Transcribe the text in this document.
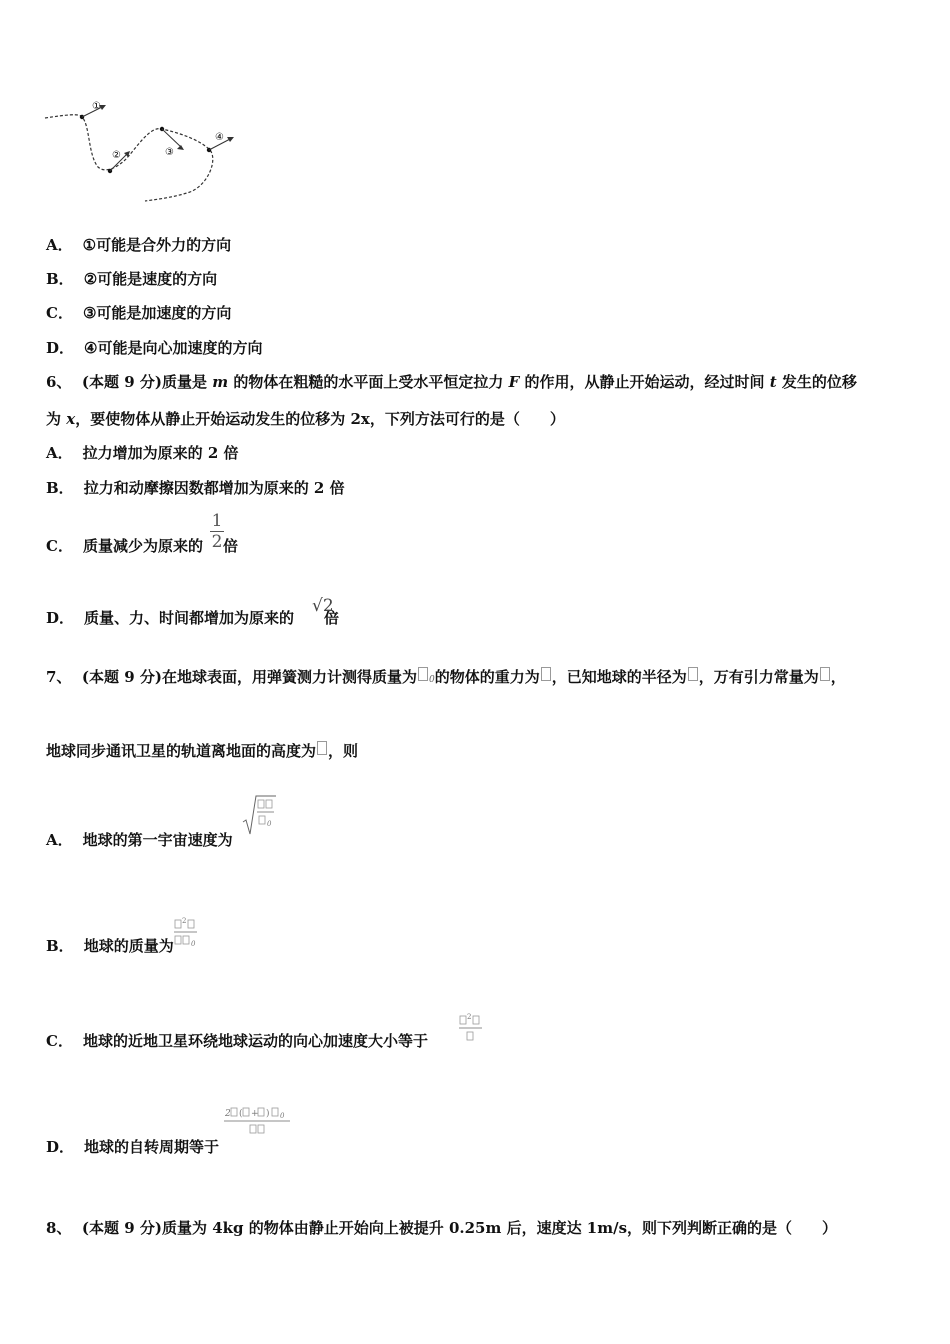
①
②	③
④
A． ①可能是合外力的方向
B． ②可能是速度的方向
C． ③可能是加速度的方向
D． ④可能是向心加速度的方向
6、 (本题 9 分)质量是 m 的物体在粗糙的水平面上受水平恒定拉力 F 的作用，从静止开始运动，经过时间 t 发生的位移
为 x，要使物体从静止开始运动发生的位移为 2x，下列方法可行的是（　　）
A． 拉力增加为原来的 2 倍
B． 拉力和动摩擦因数都增加为原来的 2 倍
C． 质量减少为原来的 倍
1
2
D． 质量、力、时间都增加为原来的 倍
√2
7、 (本题 9 分)在地球表面，用弹簧测力计测得质量为 0的物体的重力为 ，已知地球的半径为 ，万有引力常量为 ，
地球同步通讯卫星的轨道离地面的高度为 ，则
A． 地球的第一宇宙速度为
0
B． 地球的质量为
2
0
C． 地球的近地卫星环绕地球运动的向心加速度大小等于
2
D． 地球的自转周期等于
2 ( + ) 0
8、 (本题 9 分)质量为 4kg 的物体由静止开始向上被提升 0.25m 后，速度达 1m/s，则下列判断正确的是（　　）
